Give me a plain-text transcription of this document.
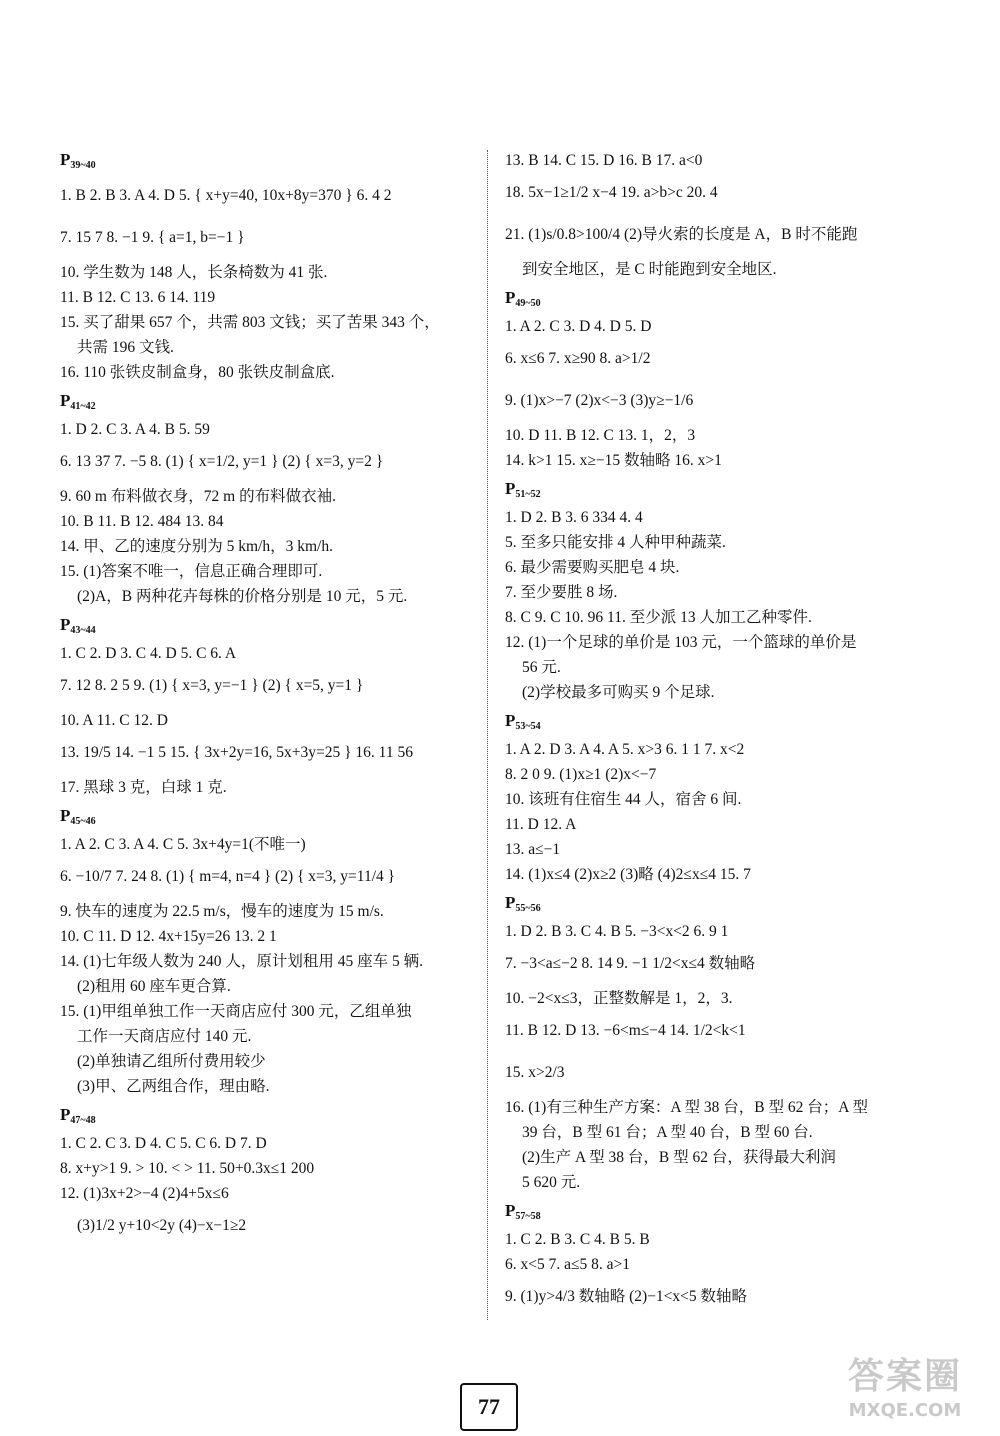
$P_{39\sim 40}$
1. B 2. B 3. A 4. D 5. { x+y=40, 10x+8y=370 } 6. 4 2
7. 15 7 8. −1 9. { a=1, b=−1 }
10. 学生数为 148 人，长条椅数为 41 张.
11. B 12. C 13. 6 14. 119
15. 买了甜果 657 个，共需 803 文钱；买了苦果 343 个，
共需 196 文钱.
16. 110 张铁皮制盒身，80 张铁皮制盒底.
$P_{41\sim 42}$
1. D 2. C 3. A 4. B 5. 59
6. 13 37 7. −5 8. (1) { x=1/2, y=1 } (2) { x=3, y=2 }
9. 60 m 布料做衣身，72 m 的布料做衣袖.
10. B 11. B 12. 484 13. 84
14. 甲、乙的速度分别为 5 km/h，3 km/h.
15. (1)答案不唯一，信息正确合理即可.
(2)A，B 两种花卉每株的价格分别是 10 元，5 元.
$P_{43\sim 44}$
1. C 2. D 3. C 4. D 5. C 6. A
7. 12 8. 2 5 9. (1) { x=3, y=−1 } (2) { x=5, y=1 }
10. A 11. C 12. D
13. 19/5 14. −1 5 15. { 3x+2y=16, 5x+3y=25 } 16. 11 56
17. 黑球 3 克，白球 1 克.
$P_{45\sim 46}$
1. A 2. C 3. A 4. C 5. 3x+4y=1(不唯一)
6. −10/7 7. 24 8. (1) { m=4, n=4 } (2) { x=3, y=11/4 }
9. 快车的速度为 22.5 m/s，慢车的速度为 15 m/s.
10. C 11. D 12. 4x+15y=26 13. 2 1
14. (1)七年级人数为 240 人，原计划租用 45 座车 5 辆.
(2)租用 60 座车更合算.
15. (1)甲组单独工作一天商店应付 300 元，乙组单独
工作一天商店应付 140 元.
(2)单独请乙组所付费用较少
(3)甲、乙两组合作，理由略.
$P_{47\sim 48}$
1. C 2. C 3. D 4. C 5. C 6. D 7. D
8. x+y>1 9. > 10. < > 11. 50+0.3x≤1 200
12. (1)3x+2>−4 (2)4+5x≤6
(3)1/2 y+10<2y (4)−x−1≥2
13. B 14. C 15. D 16. B 17. a<0
18. 5x−1≥1/2 x−4 19. a>b>c 20. 4
21. (1)s/0.8>100/4 (2)导火索的长度是 A，B 时不能跑
到安全地区，是 C 时能跑到安全地区.
$P_{49\sim 50}$
1. A 2. C 3. D 4. D 5. D
6. x≤6 7. x≥90 8. a>1/2
9. (1)x>−7 (2)x<−3 (3)y≥−1/6
10. D 11. B 12. C 13. 1，2，3
14. k>1 15. x≥−15 数轴略 16. x>1
$P_{51\sim 52}$
1. D 2. B 3. 6 334 4. 4
5. 至多只能安排 4 人种甲种蔬菜.
6. 最少需要购买肥皂 4 块.
7. 至少要胜 8 场.
8. C 9. C 10. 96 11. 至少派 13 人加工乙种零件.
12. (1)一个足球的单价是 103 元，一个篮球的单价是
56 元.
(2)学校最多可购买 9 个足球.
$P_{53\sim 54}$
1. A 2. D 3. A 4. A 5. x>3 6. 1 1 7. x<2
8. 2 0 9. (1)x≥1 (2)x<−7
10. 该班有住宿生 44 人，宿舍 6 间.
11. D 12. A
13. a≤−1
14. (1)x≤4 (2)x≥2 (3)略 (4)2≤x≤4 15. 7
$P_{55\sim 56}$
1. D 2. B 3. C 4. B 5. −3<x<2 6. 9 1
7. −3<a≤−2 8. 14 9. −1 1/2<x≤4 数轴略
10. −2<x≤3，正整数解是 1，2，3.
11. B 12. D 13. −6<m≤−4 14. 1/2<k<1
15. x>2/3
16. (1)有三种生产方案：A 型 38 台，B 型 62 台；A 型
39 台，B 型 61 台；A 型 40 台，B 型 60 台.
(2)生产 A 型 38 台，B 型 62 台，获得最大利润
5 620 元.
$P_{57\sim 58}$
1. C 2. B 3. C 4. B 5. B
6. x<5 7. a≤5 8. a>1
9. (1)y>4/3 数轴略 (2)−1<x<5 数轴略
77
答案圈
MXQE.COM
